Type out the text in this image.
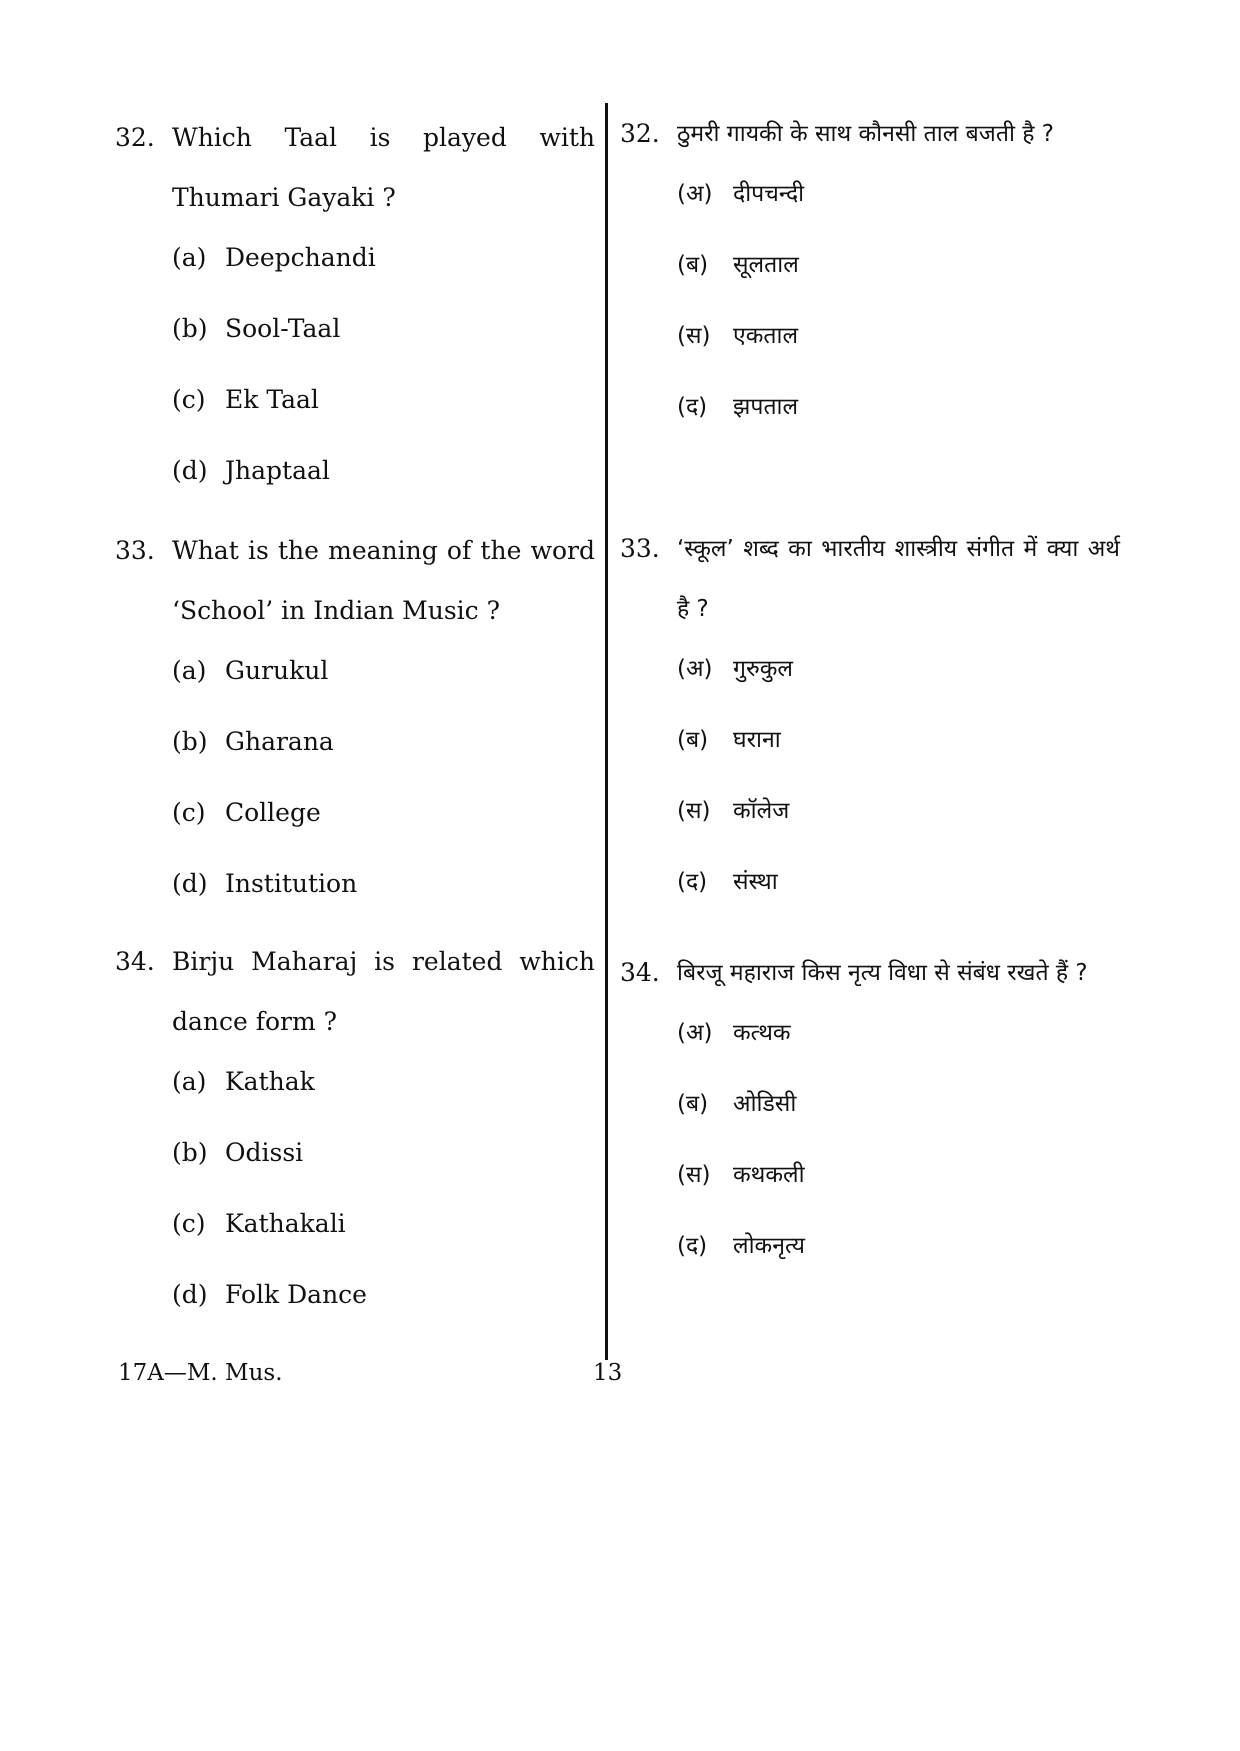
32. Which Taal is played with Thumari Gayaki ?
(a) Deepchandi
(b) Sool-Taal
(c) Ek Taal
(d) Jhaptaal
33. What is the meaning of the word ‘School’ in Indian Music ?
(a) Gurukul
(b) Gharana
(c) College
(d) Institution
34. Birju Maharaj is related which dance form ?
(a) Kathak
(b) Odissi
(c) Kathakali
(d) Folk Dance
32. ठुमरी गायकी के साथ कौनसी ताल बजती है ?
(अ) दीपचन्दी
(ब) सूलताल
(स) एकताल
(द) झपताल
33. ‘स्कूल’ शब्द का भारतीय शास्त्रीय संगीत में क्या अर्थ है ?
(अ) गुरुकुल
(ब) घराना
(स) कॉलेज
(द) संस्था
34. बिरजू महाराज किस नृत्य विधा से संबंध रखते हैं ?
(अ) कत्थक
(ब) ओडिसी
(स) कथकली
(द) लोकनृत्य
17A—M. Mus.	13
